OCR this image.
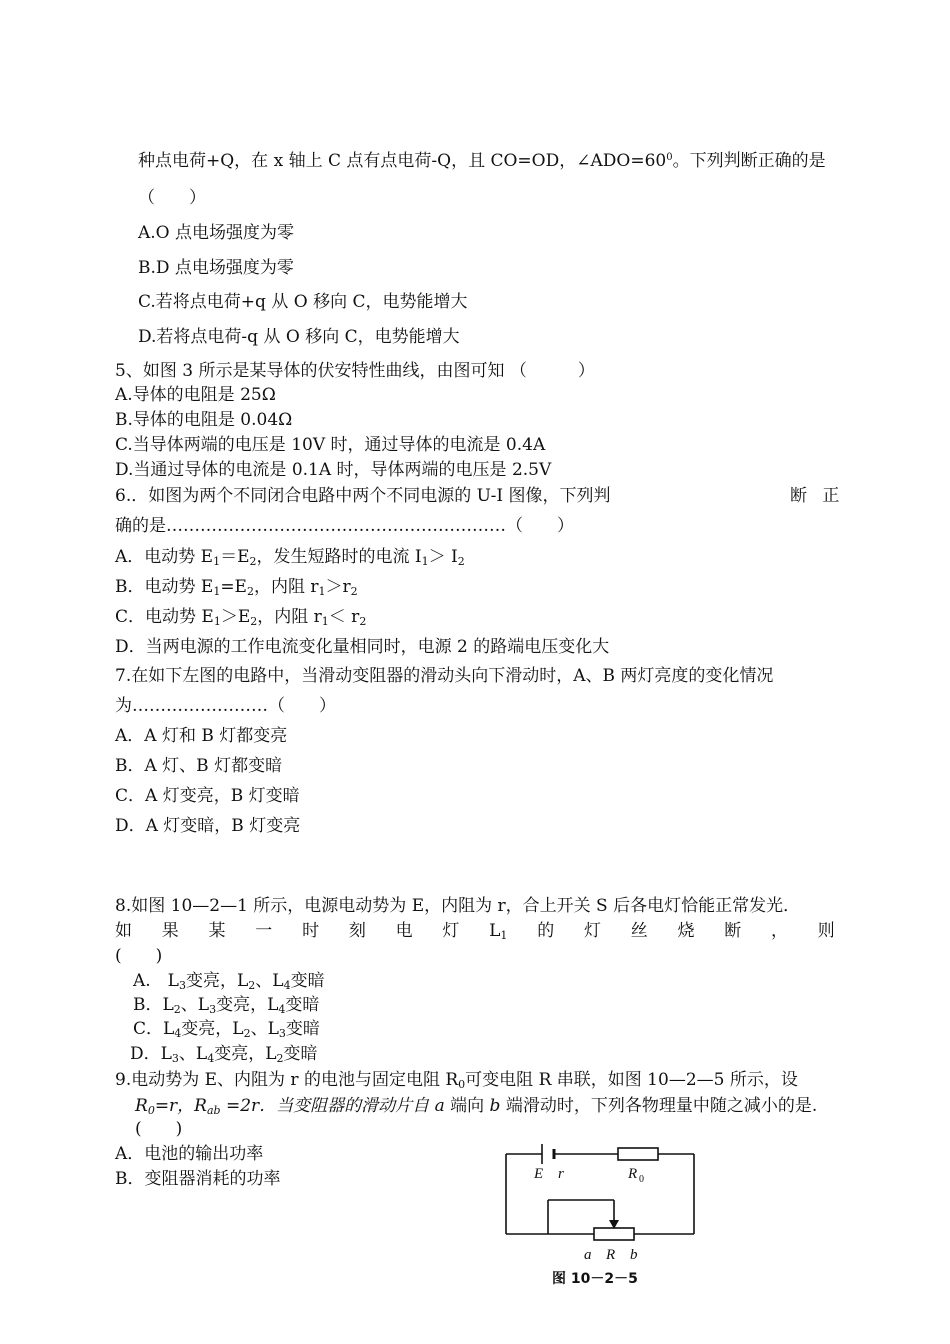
种点电荷+Q，在 x 轴上 C 点有点电荷-Q，且 CO=OD，$\angle ADO=60^0$。下列判断正确的是
（　　）
A.O 点电场强度为零
B.D 点电场强度为零
C.若将点电荷+q 从 O 移向 C，电势能增大
D.若将点电荷-q 从 O 移向 C，电势能增大
5、如图 3 所示是某导体的伏安特性曲线，由图可知 （　　　）
A.导体的电阻是 25Ω
B.导体的电阻是 0.04Ω
C.当导体两端的电压是 10V 时，通过导体的电流是 0.4A
D.当通过导体的电流是 0.1A 时，导体两端的电压是 2.5V
6.．如图为两个不同闭合电路中两个不同电源的 U-I 图像，下列判	断 正
确的是……………………………………………………（　　）
A．电动势 $E_1=E_2$，发生短路时的电流 $I_1> I_2$
B．电动势 $E_1=E_2$，内阻 $r_1>r_2$
C．电动势 $E_1>E_2$，内阻 $r_1< r_2$
D．当两电源的工作电流变化量相同时，电源 2 的路端电压变化大
7.在如下左图的电路中，当滑动变阻器的滑动头向下滑动时，A、B 两灯亮度的变化情况
为……………………（　　）
A．A 灯和 B 灯都变亮
B．A 灯、B 灯都变暗
C．A 灯变亮，B 灯变暗
D．A 灯变暗，B 灯变亮
8.如图 10—2—1 所示，电源电动势为 E，内阻为 r，合上开关 S 后各电灯恰能正常发光．
如 果 某 一 时 刻 电 灯 $L_1$ 的 灯 丝 烧 断 ， 则
(　　)
A.　$L_3$变亮，$L_2$、$L_4$变暗
B．$L_2$、$L_3$变亮，$L_4$变暗
C．$L_4$变亮，$L_2$、$L_3$变暗
D．$L_3$、$L_4$变亮，$L_2$变暗
9.电动势为 E、内阻为 r 的电池与固定电阻 $R_0$可变电阻 R 串联，如图 10—2—5 所示，设
$R_0=r$，$R_{ab} =2r$．当变阻器的滑动片自 a 端向 b 端滑动时，下列各物理量中随之减小的是.
(　　)
A．电池的输出功率
B．变阻器消耗的功率	E r	R 0
a R b
图 10－2－5
